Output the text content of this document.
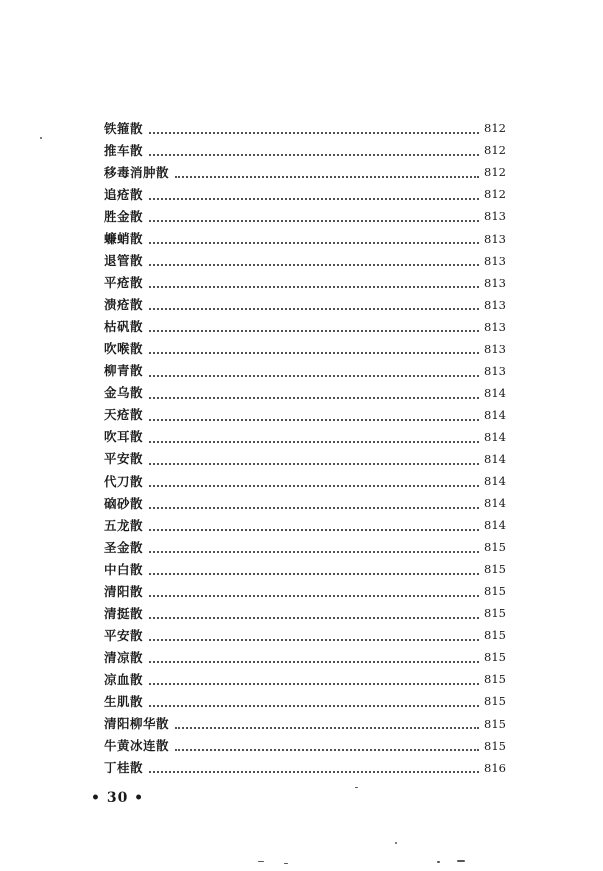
铁箍散	812
推车散	812
移毒消肿散	812
追疮散	812
胜金散	813
蠊蛸散	813
退管散	813
平疮散	813
溃疮散	813
枯矾散	813
吹喉散	813
柳青散	813
金乌散	814
天疮散	814
吹耳散	814
平安散	814
代刀散	814
硇砂散	814
五龙散	814
圣金散	815
中白散	815
清阳散	815
清挺散	815
平安散	815
清凉散	815
凉血散	815
生肌散	815
清阳柳华散	815
牛黄冰连散	815
丁桂散	816
• 30 •
